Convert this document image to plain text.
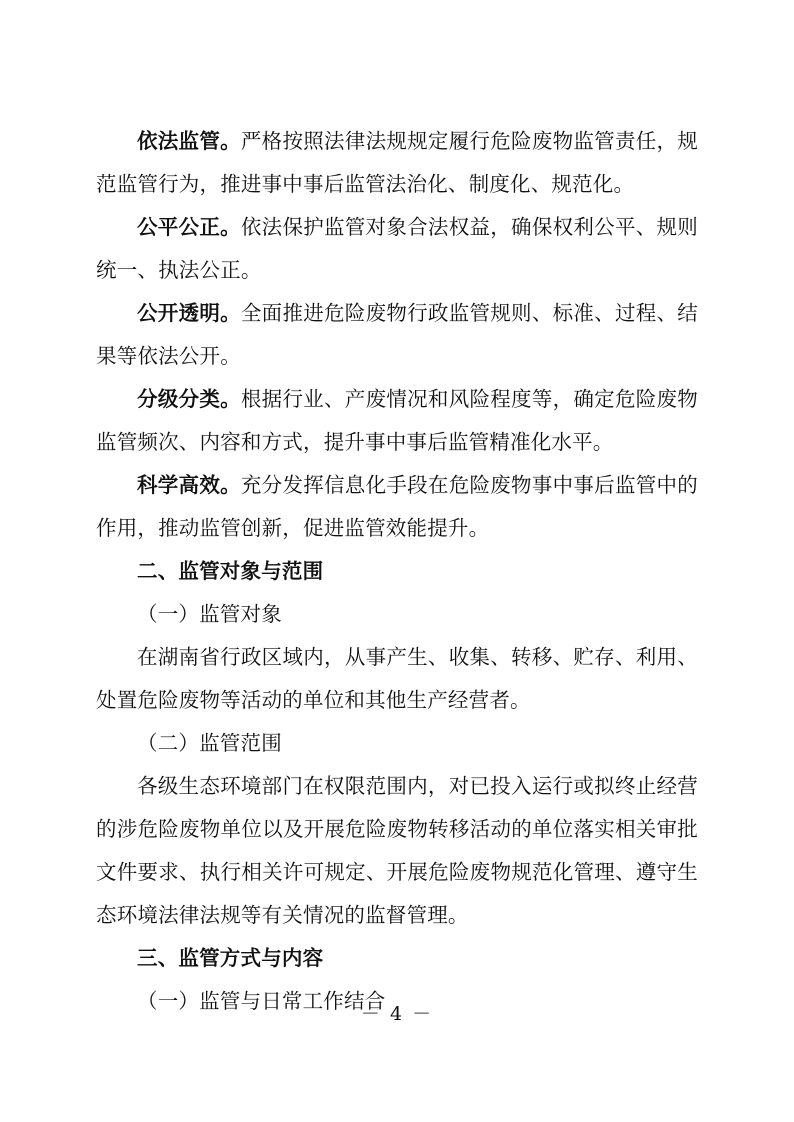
依法监管。严格按照法律法规规定履行危险废物监管责任，规范监管行为，推进事中事后监管法治化、制度化、规范化。

公平公正。依法保护监管对象合法权益，确保权利公平、规则统一、执法公正。

公开透明。全面推进危险废物行政监管规则、标准、过程、结果等依法公开。

分级分类。根据行业、产废情况和风险程度等，确定危险废物监管频次、内容和方式，提升事中事后监管精准化水平。

科学高效。充分发挥信息化手段在危险废物事中事后监管中的作用，推动监管创新，促进监管效能提升。

二、监管对象与范围

（一）监管对象

在湖南省行政区域内，从事产生、收集、转移、贮存、利用、处置危险废物等活动的单位和其他生产经营者。

（二）监管范围

各级生态环境部门在权限范围内，对已投入运行或拟终止经营的涉危险废物单位以及开展危险废物转移活动的单位落实相关审批文件要求、执行相关许可规定、开展危险废物规范化管理、遵守生态环境法律法规等有关情况的监督管理。

三、监管方式与内容

（一）监管与日常工作结合

－ 4 －
